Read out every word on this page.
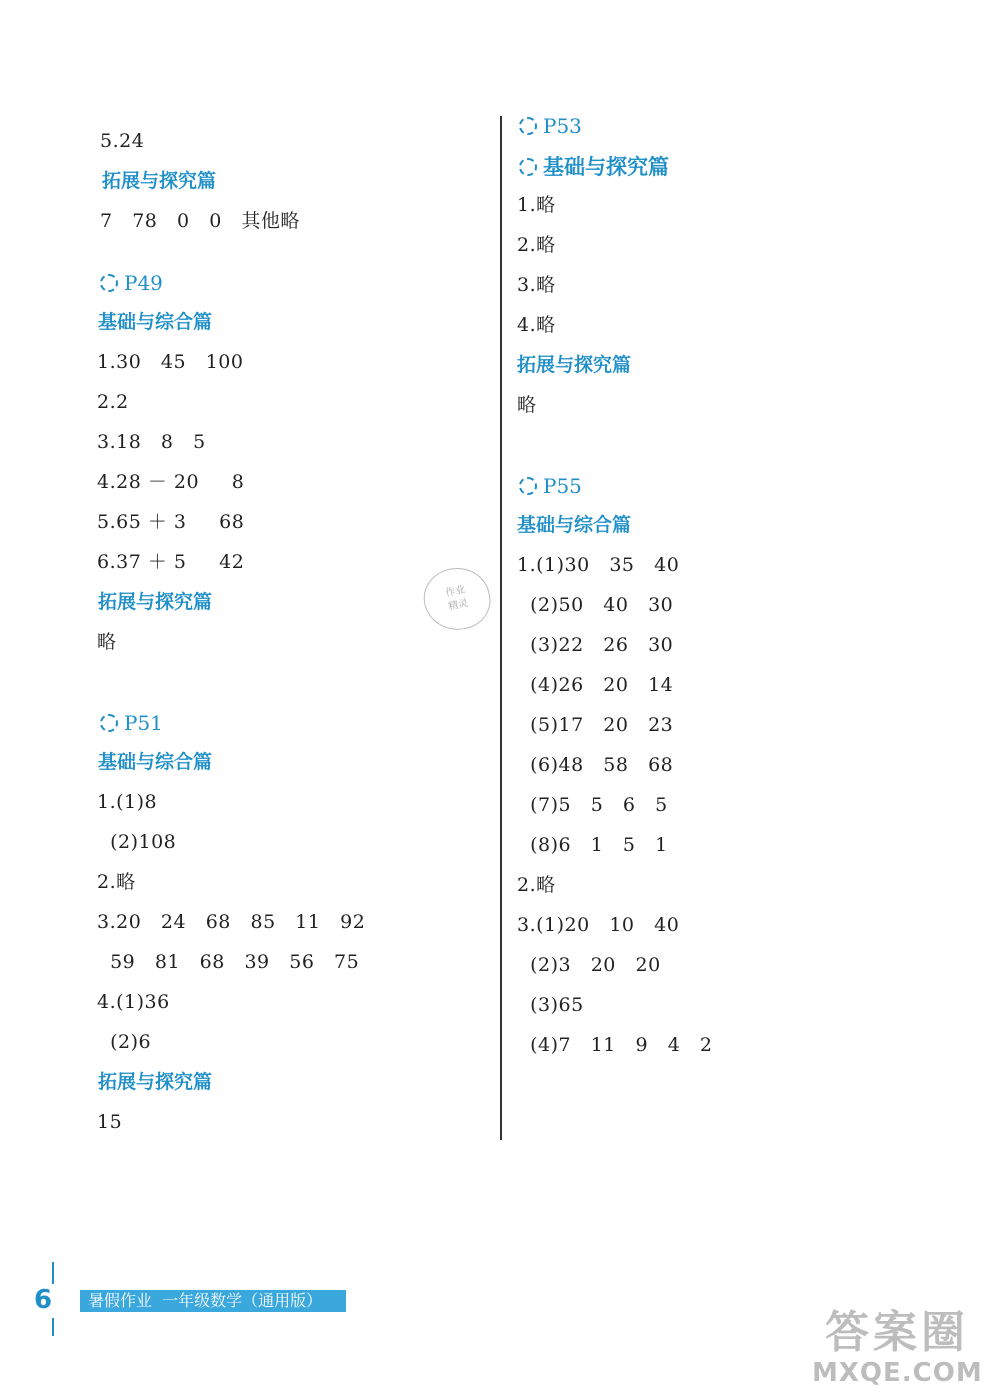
5.24
拓展与探究篇
7   78   0   0   其他略
P49
基础与综合篇
1.30   45   100
2.2
3.18   8   5
4.28 － 20     8
5.65 ＋ 3     68
6.37 ＋ 5     42
拓展与探究篇
略
P51
基础与综合篇
1.(1)8
(2)108
2.略
3.20   24   68   85   11   92
59   81   68   39   56   75
4.(1)36
(2)6
拓展与探究篇
15
作业
精灵
P53
基础与探究篇
1.略
2.略
3.略
4.略
拓展与探究篇
略
P55
基础与综合篇
1.(1)30   35   40
(2)50   40   30
(3)22   26   30
(4)26   20   14
(5)17   20   23
(6)48   58   68
(7)5   5   6   5
(8)6   1   5   1
2.略
3.(1)20   10   40
(2)3   20   20
(3)65
(4)7   11   9   4   2
6 暑假作业  一年级数学（通用版）
答案圈
MXQE.COM
